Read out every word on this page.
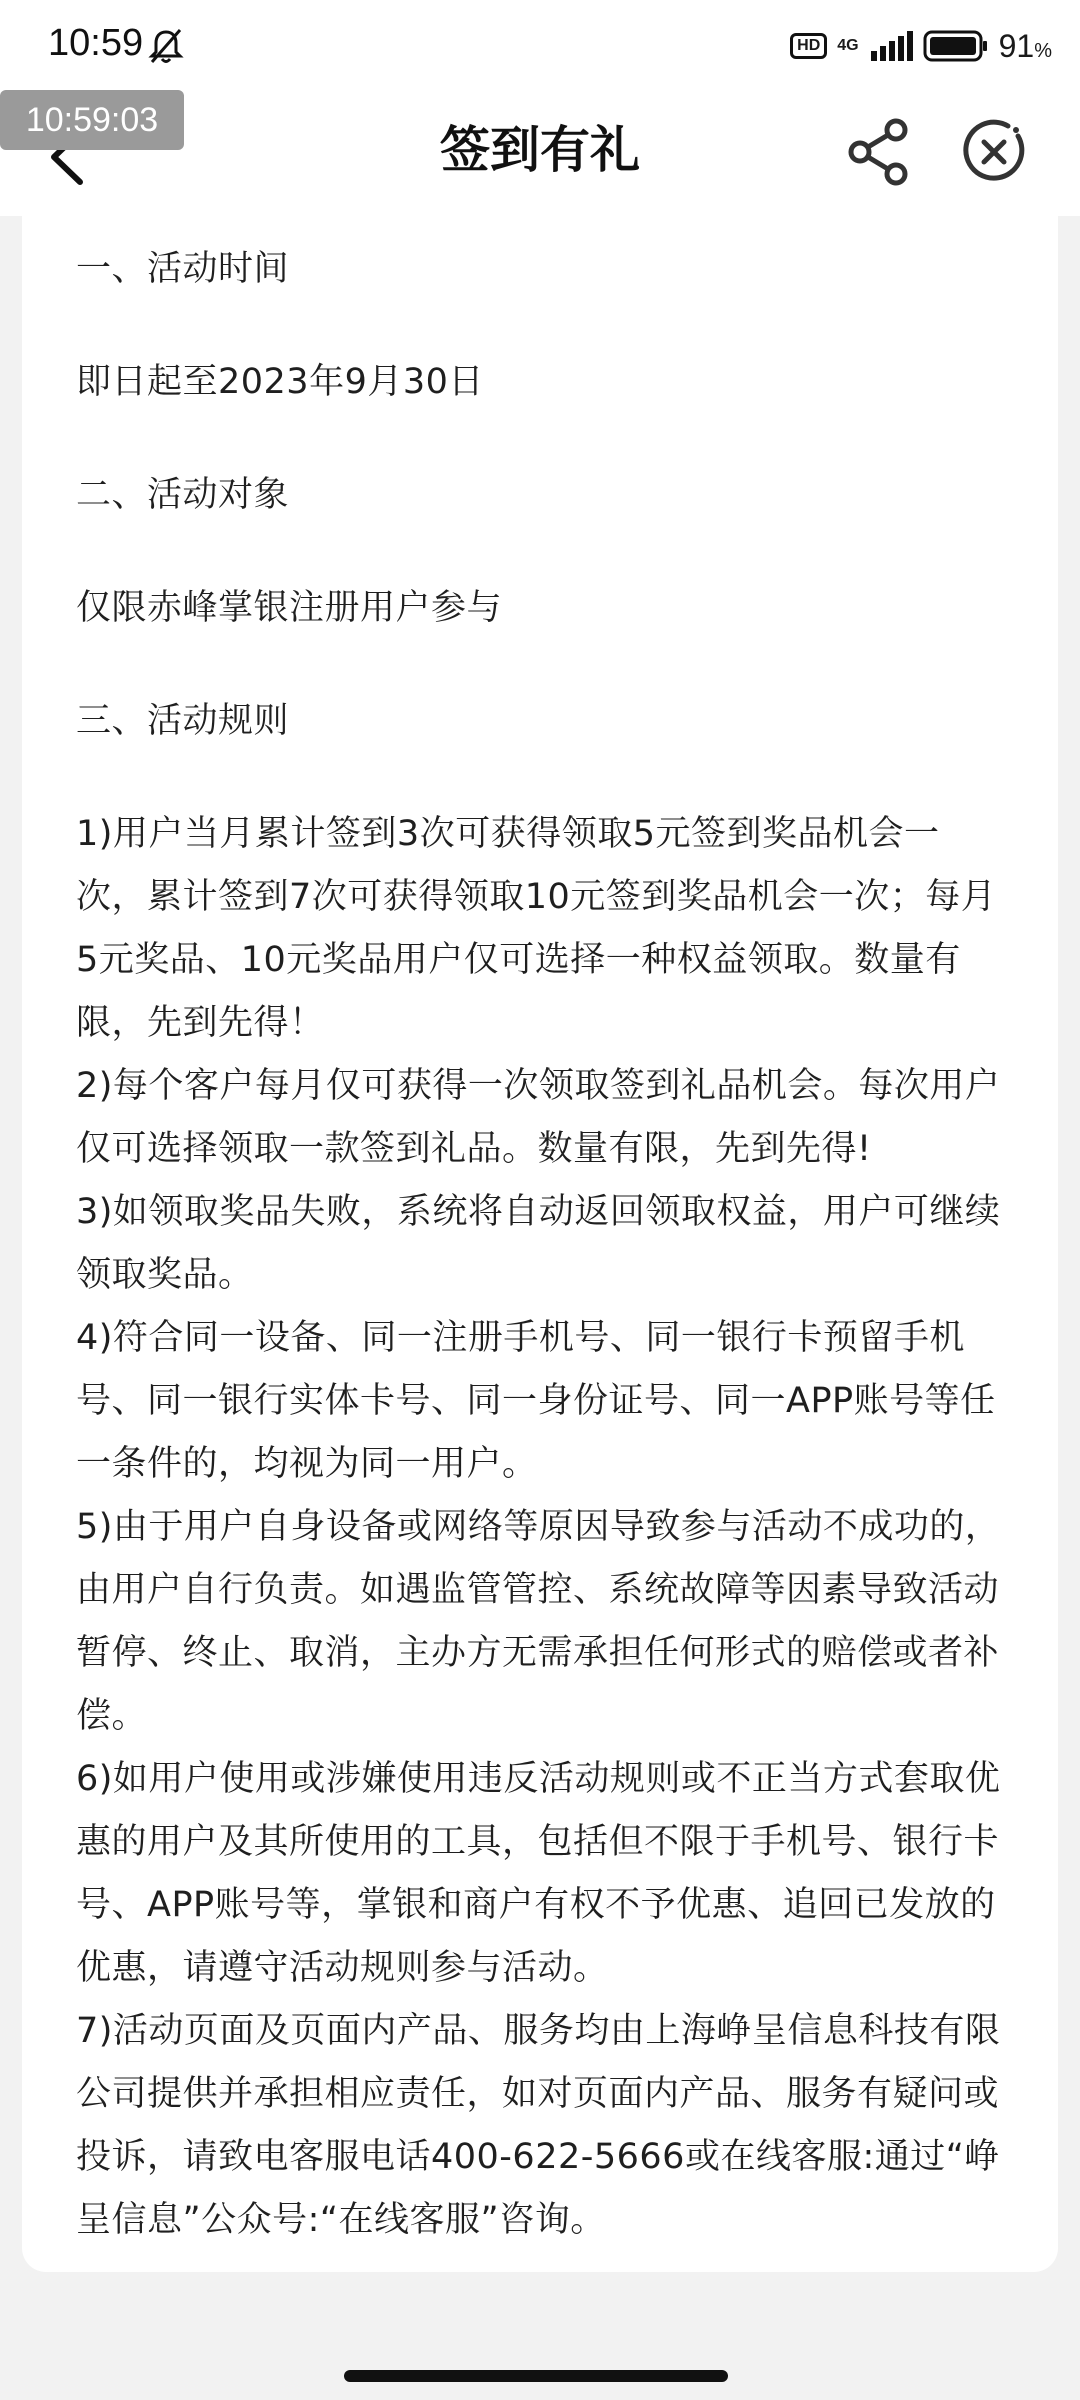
10:59	HD	4G	91%
签到有礼
10:59:03

一、活动时间

即日起至2023年9月30日

二、活动对象

仅限赤峰掌银注册用户参与

三、活动规则

1)用户当月累计签到3次可获得领取5元签到奖品机会一次，累计签到7次可获得领取10元签到奖品机会一次；每月5元奖品、10元奖品用户仅可选择一种权益领取。数量有限，先到先得！

2)每个客户每月仅可获得一次领取签到礼品机会。每次用户仅可选择领取一款签到礼品。数量有限，先到先得!

3)如领取奖品失败，系统将自动返回领取权益，用户可继续领取奖品。

4)符合同一设备、同一注册手机号、同一银行卡预留手机号、同一银行实体卡号、同一身份证号、同一APP账号等任一条件的，均视为同一用户。

5)由于用户自身设备或网络等原因导致参与活动不成功的，由用户自行负责。如遇监管管控、系统故障等因素导致活动暂停、终止、取消，主办方无需承担任何形式的赔偿或者补偿。

6)如用户使用或涉嫌使用违反活动规则或不正当方式套取优惠的用户及其所使用的工具，包括但不限于手机号、银行卡号、APP账号等，掌银和商户有权不予优惠、追回已发放的优惠，请遵守活动规则参与活动。

7)活动页面及页面内产品、服务均由上海峥呈信息科技有限公司提供并承担相应责任，如对页面内产品、服务有疑问或投诉，请致电客服电话400-622-5666或在线客服:通过“峥呈信息”公众号:“在线客服”咨询。
